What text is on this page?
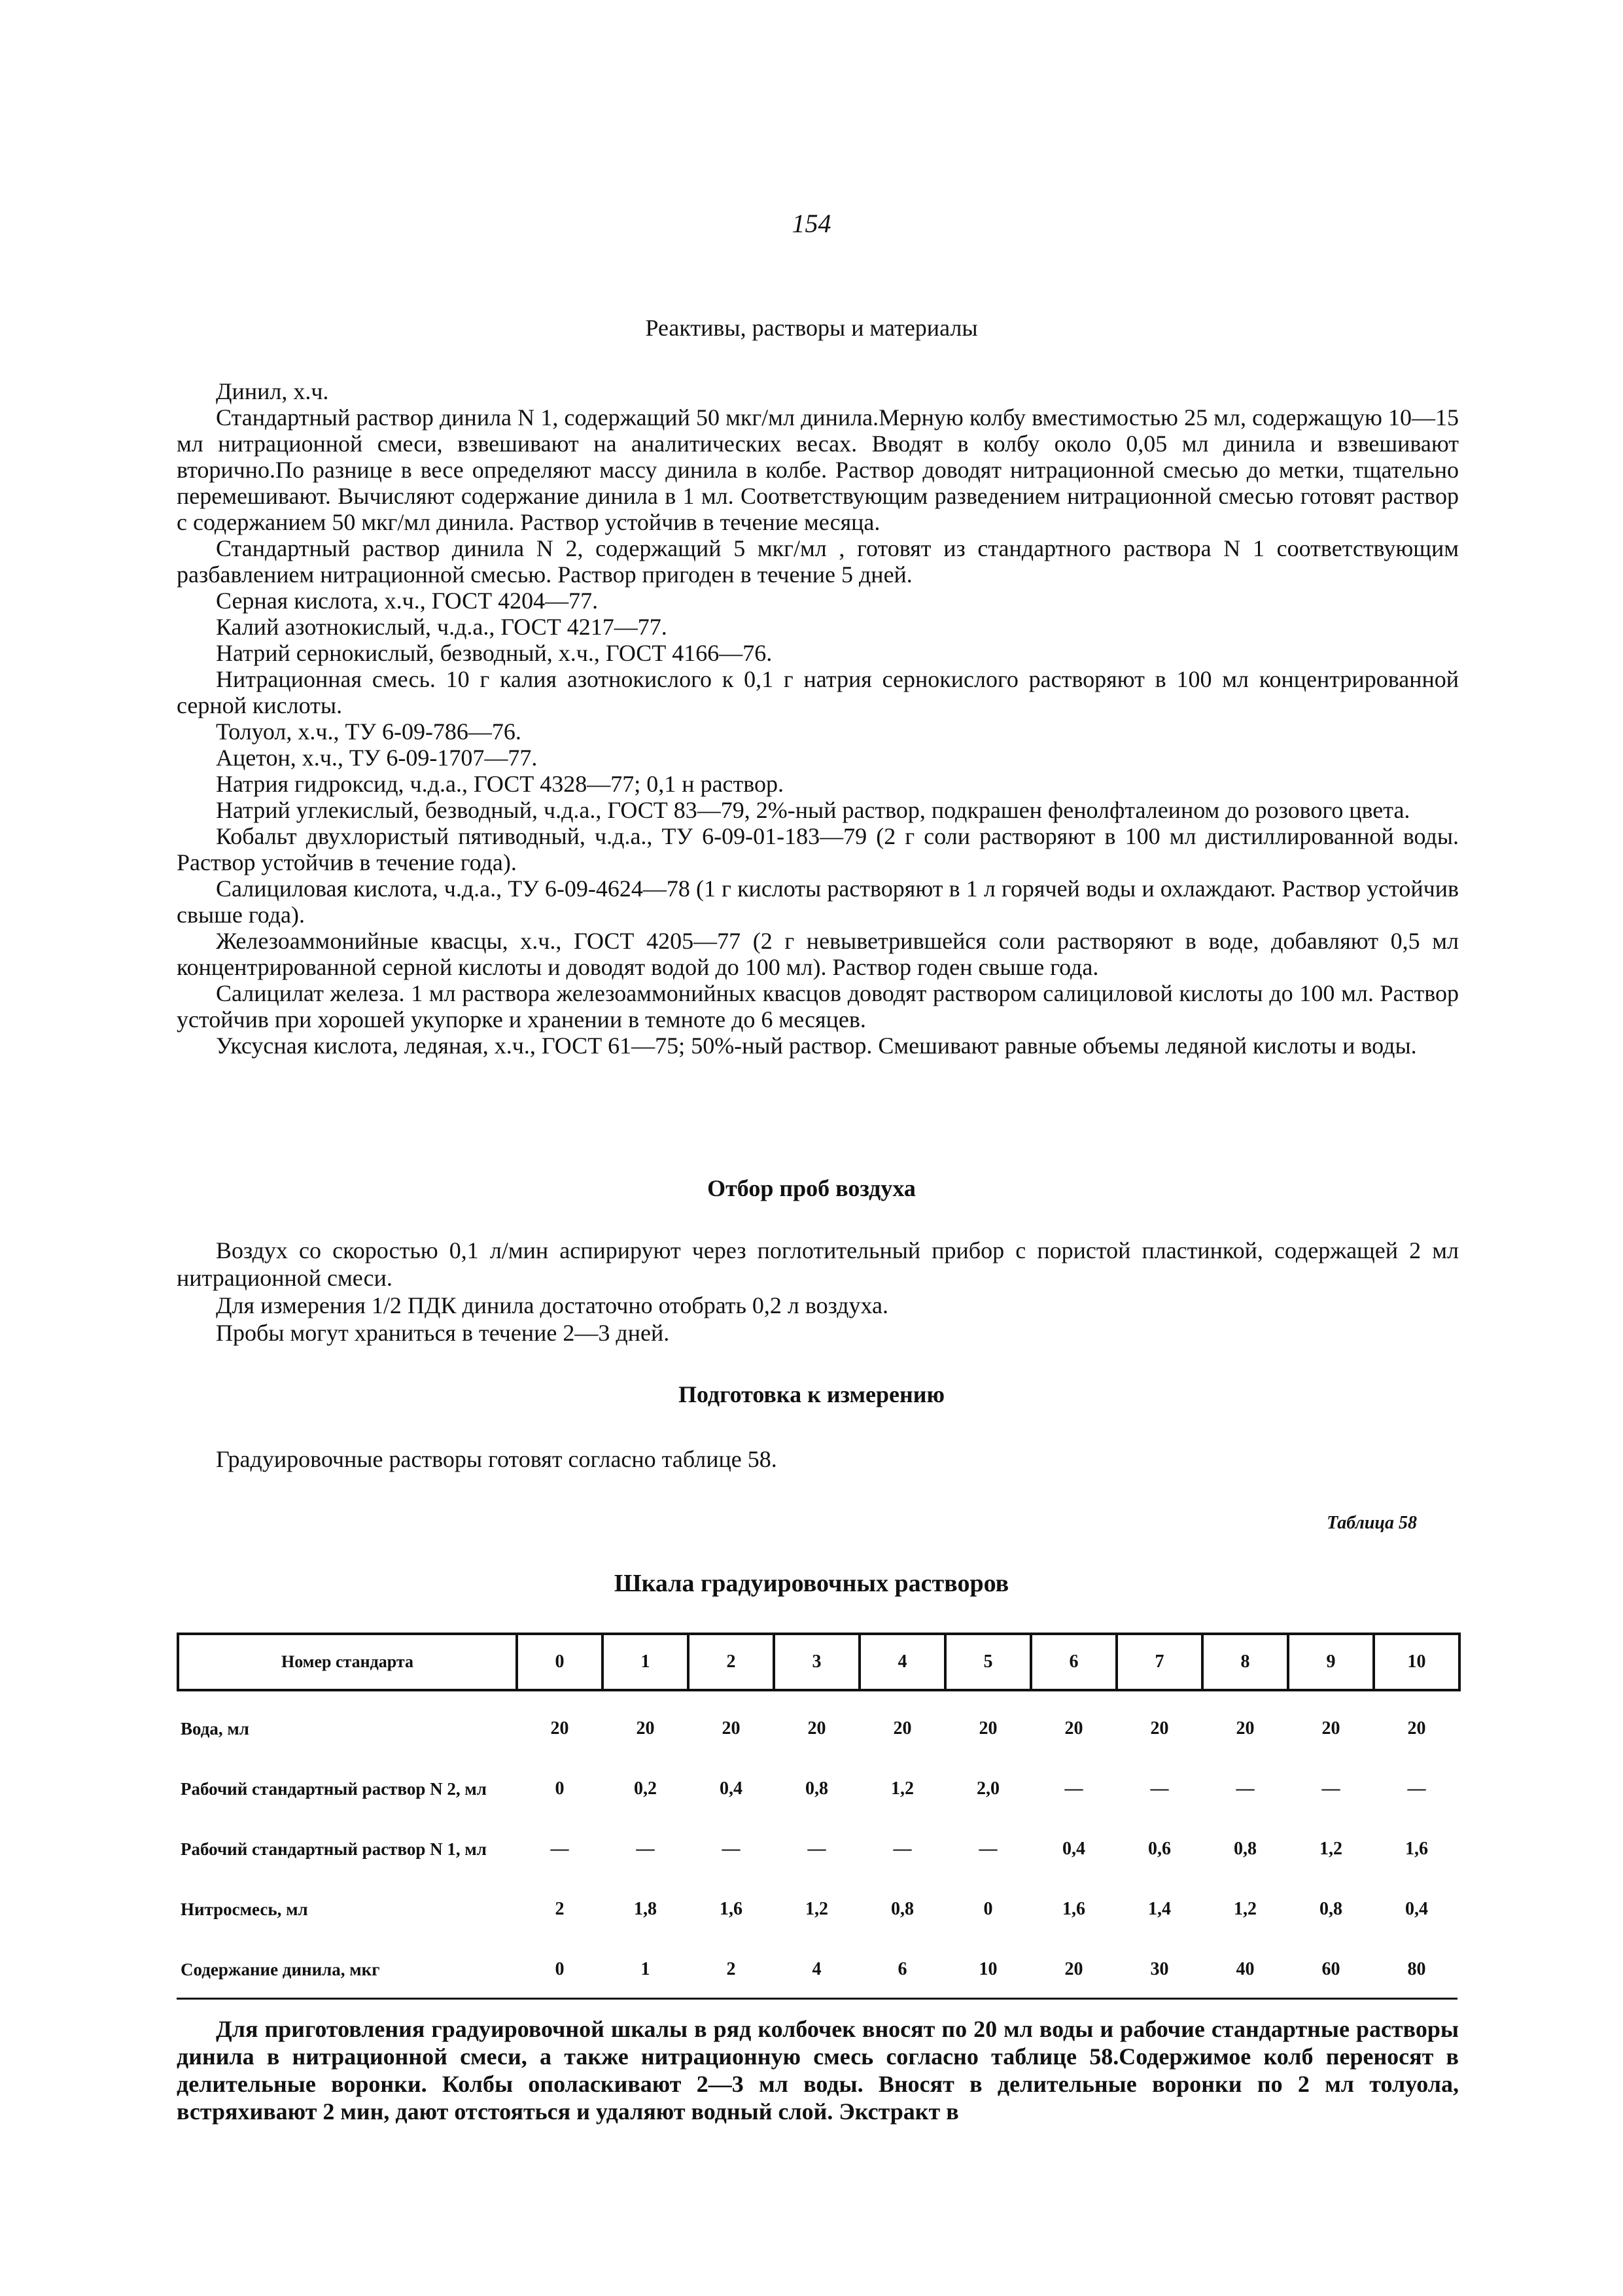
154
Реактивы, растворы и материалы

Динил, х.ч.

Стандартный раствор динила N 1, содержащий 50 мкг/мл динила.Мерную колбу вместимостью 25 мл, содержащую 10—15 мл нитрационной смеси, взвешивают на аналитических весах. Вводят в колбу около 0,05 мл динила и взвешивают вторично.По разнице в весе определяют массу динила в колбе. Раствор доводят нитрационной смесью до метки, тщательно перемешивают. Вычисляют содержание динила в 1 мл. Соответствующим разведением нитрационной смесью готовят раствор с содержанием 50 мкг/мл динила. Раствор устойчив в течение месяца.

Стандартный раствор динила N 2, содержащий 5 мкг/мл , готовят из стандартного раствора N 1 соответствующим разбавлением нитрационной смесью. Раствор пригоден в течение 5 дней.

Серная кислота, х.ч., ГОСТ 4204—77.

Калий азотнокислый, ч.д.а., ГОСТ 4217—77.

Натрий сернокислый, безводный, х.ч., ГОСТ 4166—76.

Нитрационная смесь. 10 г калия азотнокислого к 0,1 г натрия сернокислого растворяют в 100 мл концентрированной серной кислоты.

Толуол, х.ч., ТУ 6-09-786—76.

Ацетон, х.ч., ТУ 6-09-1707—77.

Натрия гидроксид, ч.д.а., ГОСТ 4328—77; 0,1 н раствор.

Натрий углекислый, безводный, ч.д.а., ГОСТ 83—79, 2%-ный раствор, подкрашен фенолфталеином до розового цвета.

Кобальт двухлористый пятиводный, ч.д.а., ТУ 6-09-01-183—79 (2 г соли растворяют в 100 мл дистиллированной воды. Раствор устойчив в течение года).

Салициловая кислота, ч.д.а., ТУ 6-09-4624—78 (1 г кислоты растворяют в 1 л горячей воды и охлаждают. Раствор устойчив свыше года).

Железоаммонийные квасцы, х.ч., ГОСТ 4205—77 (2 г невыветрившейся соли растворяют в воде, добавляют 0,5 мл концентрированной серной кислоты и доводят водой до 100 мл). Раствор годен свыше года.

Салицилат железа. 1 мл раствора железоаммонийных квасцов доводят раствором салициловой кислоты до 100 мл. Раствор устойчив при хорошей укупорке и хранении в темноте до 6 месяцев.

Уксусная кислота, ледяная, х.ч., ГОСТ 61—75; 50%-ный раствор. Смешивают равные объемы ледяной кислоты и воды.

Отбор проб воздуха

Воздух со скоростью 0,1 л/мин аспирируют через поглотительный прибор с пористой пластинкой, содержащей 2 мл нитрационной смеси.

Для измерения 1/2 ПДК динила достаточно отобрать 0,2 л воздуха.

Пробы могут храниться в течение 2—3 дней.

Подготовка к измерению

Градуировочные растворы готовят согласно таблице 58.

Таблица 58
Шкала градуировочных растворов
Номер стандарта	0	1	2	3	4	5	6	7	8	9	10
Вода, мл	20	20	20	20	20	20	20	20	20	20	20
Рабочий стандартный раствор N 2, мл	0	0,2	0,4	0,8	1,2	2,0	—	—	—	—	—
Рабочий стандартный раствор N 1, мл	—	—	—	—	—	—	0,4	0,6	0,8	1,2	1,6
Нитросмесь, мл	2	1,8	1,6	1,2	0,8	0	1,6	1,4	1,2	0,8	0,4
Содержание динила, мкг	0	1	2	4	6	10	20	30	40	60	80

Для приготовления градуировочной шкалы в ряд колбочек вносят по 20 мл воды и рабочие стандартные растворы динила в нитрационной смеси, а также нитрационную смесь согласно таблице 58.Содержимое колб переносят в делительные воронки. Колбы ополаскивают 2—3 мл воды. Вносят в делительные воронки по 2 мл толуола, встряхивают 2 мин, дают отстояться и удаляют водный слой. Экстракт в
